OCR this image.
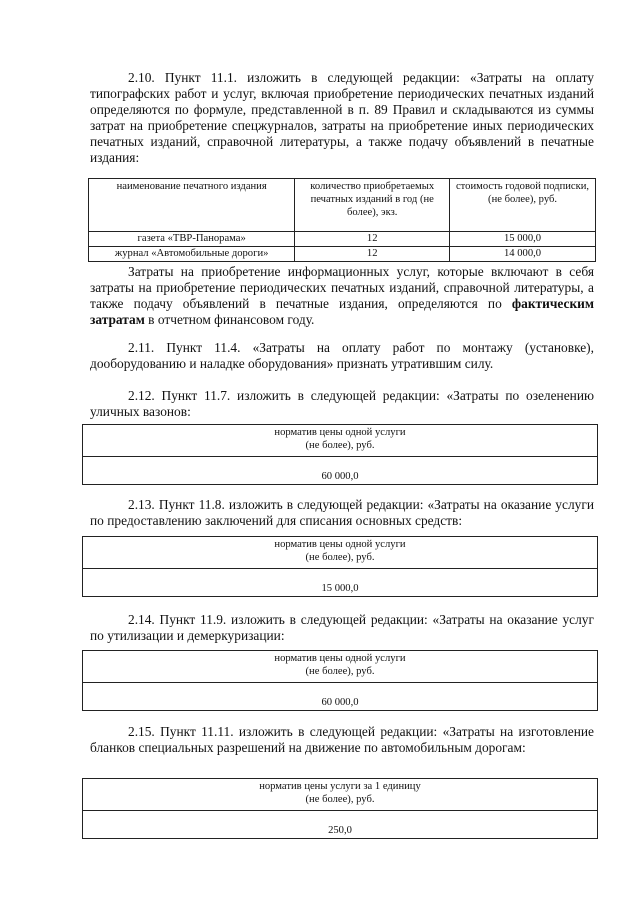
2.10. Пункт 11.1. изложить в следующей редакции: «Затраты на оплату типографских работ и услуг, включая приобретение периодических печатных изданий определяются по формуле, представленной в п. 89 Правил и складываются из суммы затрат на приобретение спецжурналов, затраты на приобретение иных периодических печатных изданий, справочной литературы, а также подачу объявлений в печатные издания:

наименование печатного издания	количество приобретаемых печатных изданий в год (не более), экз.	стоимость годовой подписки, (не более), руб.
газета «ТВР-Панорама»	12	15 000,0
журнал «Автомобильные дороги»	12	14 000,0

Затраты на приобретение информационных услуг, которые включают в себя затраты на приобретение периодических печатных изданий, справочной литературы, а также подачу объявлений в печатные издания, определяются по фактическим затратам в отчетном финансовом году.

2.11. Пункт 11.4. «Затраты на оплату работ по монтажу (установке), дооборудованию и наладке оборудования» признать утратившим силу.

2.12. Пункт 11.7. изложить в следующей редакции: «Затраты по озеленению уличных вазонов:

норматив цены одной услуги
(не более), руб.
60 000,0

2.13. Пункт 11.8. изложить в следующей редакции: «Затраты на оказание услуги по предоставлению заключений для списания основных средств:

норматив цены одной услуги
(не более), руб.
15 000,0

2.14. Пункт 11.9. изложить в следующей редакции: «Затраты на оказание услуг по утилизации и демеркуризации:

норматив цены одной услуги
(не более), руб.
60 000,0

2.15. Пункт 11.11. изложить в следующей редакции: «Затраты на изготовление бланков специальных разрешений на движение по автомобильным дорогам:

норматив цены услуги за 1 единицу
(не более), руб.
250,0
